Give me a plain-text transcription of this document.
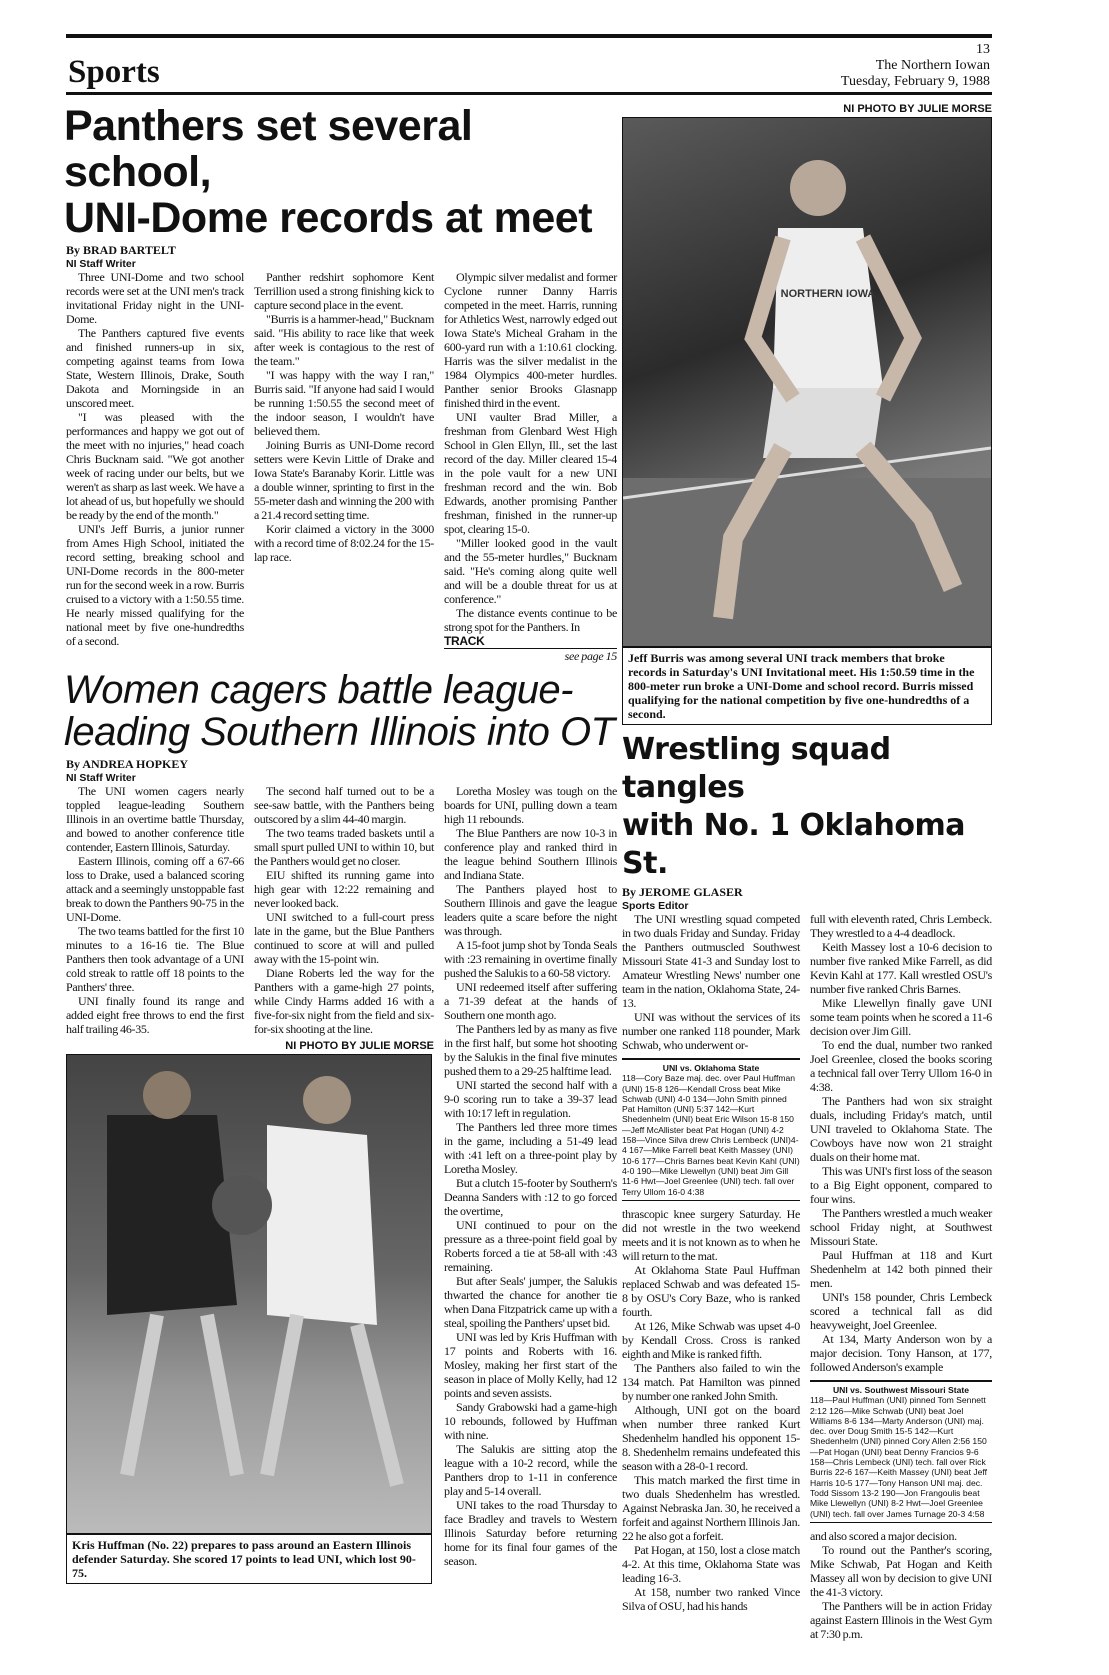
Sports
13
The Northern Iowan
Tuesday, February 9, 1988
Panthers set several school,
UNI-Dome records at meet
By BRAD BARTELT
NI Staff Writer

Three UNI-Dome and two school records were set at the UNI men's track invitational Friday night in the UNI-Dome.

The Panthers captured five events and finished runners-up in six, competing against teams from Iowa State, Western Illinois, Drake, South Dakota and Morningside in an unscored meet.

"I was pleased with the performances and happy we got out of the meet with no injuries," head coach Chris Bucknam said. "We got another week of racing under our belts, but we weren't as sharp as last week. We have a lot ahead of us, but hopefully we should be ready by the end of the month."

UNI's Jeff Burris, a junior runner from Ames High School, initiated the record setting, breaking school and UNI-Dome records in the 800-meter run for the second week in a row. Burris cruised to a victory with a 1:50.55 time. He nearly missed qualifying for the national meet by five one-hundredths of a second.

Panther redshirt sophomore Kent Terrillion used a strong finishing kick to capture second place in the event.

"Burris is a hammer-head," Bucknam said. "His ability to race like that week after week is contagious to the rest of the team."

"I was happy with the way I ran," Burris said. "If anyone had said I would be running 1:50.55 the second meet of the indoor season, I wouldn't have believed them.

Joining Burris as UNI-Dome record setters were Kevin Little of Drake and Iowa State's Baranaby Korir. Little was a double winner, sprinting to first in the 55-meter dash and winning the 200 with a 21.4 record setting time.

Korir claimed a victory in the 3000 with a record time of 8:02.24 for the 15-lap race.

Olympic silver medalist and former Cyclone runner Danny Harris competed in the meet. Harris, running for Athletics West, narrowly edged out Iowa State's Micheal Graham in the 600-yard run with a 1:10.61 clocking. Harris was the silver medalist in the 1984 Olympics 400-meter hurdles. Panther senior Brooks Glasnapp finished third in the event.

UNI vaulter Brad Miller, a freshman from Glenbard West High School in Glen Ellyn, Ill., set the last record of the day. Miller cleared 15-4 in the pole vault for a new UNI freshman record and the win. Bob Edwards, another promising Panther freshman, finished in the runner-up spot, clearing 15-0.

"Miller looked good in the vault and the 55-meter hurdles," Bucknam said. "He's coming along quite well and will be a double threat for us at conference."

The distance events continue to be strong spot for the Panthers. In

TRACK
see page 15
Women cagers battle league-
leading Southern Illinois into OT
By ANDREA HOPKEY
NI Staff Writer

The UNI women cagers nearly toppled league-leading Southern Illinois in an overtime battle Thursday, and bowed to another conference title contender, Eastern Illinois, Saturday.

Eastern Illinois, coming off a 67-66 loss to Drake, used a balanced scoring attack and a seemingly unstoppable fast break to down the Panthers 90-75 in the UNI-Dome.

The two teams battled for the first 10 minutes to a 16-16 tie. The Blue Panthers then took advantage of a UNI cold streak to rattle off 18 points to the Panthers' three.

UNI finally found its range and added eight free throws to end the first half trailing 46-35.

The second half turned out to be a see-saw battle, with the Panthers being outscored by a slim 44-40 margin.

The two teams traded baskets until a small spurt pulled UNI to within 10, but the Panthers would get no closer.

EIU shifted its running game into high gear with 12:22 remaining and never looked back.

UNI switched to a full-court press late in the game, but the Blue Panthers continued to score at will and pulled away with the 15-point win.

Diane Roberts led the way for the Panthers with a game-high 27 points, while Cindy Harms added 16 with a five-for-six night from the field and six-for-six shooting at the line.

NI PHOTO BY JULIE MORSE
Kris Huffman (No. 22) prepares to pass around an Eastern Illinois defender Saturday. She scored 17 points to lead UNI, which lost 90-75.

Loretha Mosley was tough on the boards for UNI, pulling down a team high 11 rebounds.

The Blue Panthers are now 10-3 in conference play and ranked third in the league behind Southern Illinois and Indiana State.

The Panthers played host to Southern Illinois and gave the league leaders quite a scare before the night was through.

A 15-foot jump shot by Tonda Seals with :23 remaining in overtime finally pushed the Salukis to a 60-58 victory.

UNI redeemed itself after suffering a 71-39 defeat at the hands of Southern one month ago.

The Panthers led by as many as five in the first half, but some hot shooting by the Salukis in the final five minutes pushed them to a 29-25 halftime lead.

UNI started the second half with a 9-0 scoring run to take a 39-37 lead with 10:17 left in regulation.

The Panthers led three more times in the game, including a 51-49 lead with :41 left on a three-point play by Loretha Mosley.

But a clutch 15-footer by Southern's Deanna Sanders with :12 to go forced the overtime,

UNI continued to pour on the pressure as a three-point field goal by Roberts forced a tie at 58-all with :43 remaining.

But after Seals' jumper, the Salukis thwarted the chance for another tie when Dana Fitzpatrick came up with a steal, spoiling the Panthers' upset bid.

UNI was led by Kris Huffman with 17 points and Roberts with 16. Mosley, making her first start of the season in place of Molly Kelly, had 12 points and seven assists.

Sandy Grabowski had a game-high 10 rebounds, followed by Huffman with nine.

The Salukis are sitting atop the league with a 10-2 record, while the Panthers drop to 1-11 in conference play and 5-14 overall.

UNI takes to the road Thursday to face Bradley and travels to Western Illinois Saturday before returning home for its final four games of the season.

NI PHOTO BY JULIE MORSE
NORTHERN IOWA
Jeff Burris was among several UNI track members that broke records in Saturday's UNI Invitational meet. His 1:50.59 time in the 800-meter run broke a UNI-Dome and school record. Burris missed qualifying for the national competition by five one-hundredths of a second.
Wrestling squad tangles
with No. 1 Oklahoma St.
By JEROME GLASER
Sports Editor

The UNI wrestling squad competed in two duals Friday and Sunday. Friday the Panthers outmuscled Southwest Missouri State 41-3 and Sunday lost to Amateur Wrestling News' number one team in the nation, Oklahoma State, 24-13.

UNI was without the services of its number one ranked 118 pounder, Mark Schwab, who underwent or-

UNI vs. Oklahoma State
118—Cory Baze maj. dec. over Paul Huffman (UNI) 15-8 126—Kendall Cross beat Mike Schwab (UNI) 4-0 134—John Smith pinned Pat Hamilton (UNI) 5:37 142—Kurt Shedenhelm (UNI) beat Eric Wilson 15-8 150—Jeff McAllister beat Pat Hogan (UNI) 4-2 158—Vince Silva drew Chris Lembeck (UNI)4-4 167—Mike Farrell beat Keith Massey (UNI) 10-6 177—Chris Barnes beat Kevin Kahl (UNI) 4-0 190—Mike Llewellyn (UNI) beat Jim Gill 11-6 Hwt—Joel Greenlee (UNI) tech. fall over Terry Ullom 16-0 4:38

thrascopic knee surgery Saturday. He did not wrestle in the two weekend meets and it is not known as to when he will return to the mat.

At Oklahoma State Paul Huffman replaced Schwab and was defeated 15-8 by OSU's Cory Baze, who is ranked fourth.

At 126, Mike Schwab was upset 4-0 by Kendall Cross. Cross is ranked eighth and Mike is ranked fifth.

The Panthers also failed to win the 134 match. Pat Hamilton was pinned by number one ranked John Smith.

Although, UNI got on the board when number three ranked Kurt Shedenhelm handled his opponent 15-8. Shedenhelm remains undefeated this season with a 28-0-1 record.

This match marked the first time in two duals Shedenhelm has wrestled. Against Nebraska Jan. 30, he received a forfeit and against Northern Illinois Jan. 22 he also got a forfeit.

Pat Hogan, at 150, lost a close match 4-2. At this time, Oklahoma State was leading 16-3.

At 158, number two ranked Vince Silva of OSU, had his hands

full with eleventh rated, Chris Lembeck. They wrestled to a 4-4 deadlock.

Keith Massey lost a 10-6 decision to number five ranked Mike Farrell, as did Kevin Kahl at 177. Kall wrestled OSU's number five ranked Chris Barnes.

Mike Llewellyn finally gave UNI some team points when he scored a 11-6 decision over Jim Gill.

To end the dual, number two ranked Joel Greenlee, closed the books scoring a technical fall over Terry Ullom 16-0 in 4:38.

The Panthers had won six straight duals, including Friday's match, until UNI traveled to Oklahoma State. The Cowboys have now won 21 straight duals on their home mat.

This was UNI's first loss of the season to a Big Eight opponent, compared to four wins.

The Panthers wrestled a much weaker school Friday night, at Southwest Missouri State.

Paul Huffman at 118 and Kurt Shedenhelm at 142 both pinned their men.

UNI's 158 pounder, Chris Lembeck scored a technical fall as did heavyweight, Joel Greenlee.

At 134, Marty Anderson won by a major decision. Tony Hanson, at 177, followed Anderson's example

UNI vs. Southwest Missouri State
118—Paul Huffman (UNI) pinned Tom Sennett 2:12 126—Mike Schwab (UNI) beat Joel Williams 8-6 134—Marty Anderson (UNI) maj. dec. over Doug Smith 15-5 142—Kurt Shedenhelm (UNI) pinned Cory Allen 2:56 150—Pat Hogan (UNI) beat Denny Francios 9-6 158—Chris Lembeck (UNI) tech. fall over Rick Burris 22-6 167—Keith Massey (UNI) beat Jeff Harris 10-5 177—Tony Hanson UNI maj. dec. Todd Sissom 13-2 190—Jon Frangoulis beat Mike Llewellyn (UNI) 8-2 Hwt—Joel Greenlee (UNI) tech. fall over James Turnage 20-3 4:58

and also scored a major decision.

To round out the Panther's scoring, Mike Schwab, Pat Hogan and Keith Massey all won by decision to give UNI the 41-3 victory.

The Panthers will be in action Friday against Eastern Illinois in the West Gym at 7:30 p.m.
